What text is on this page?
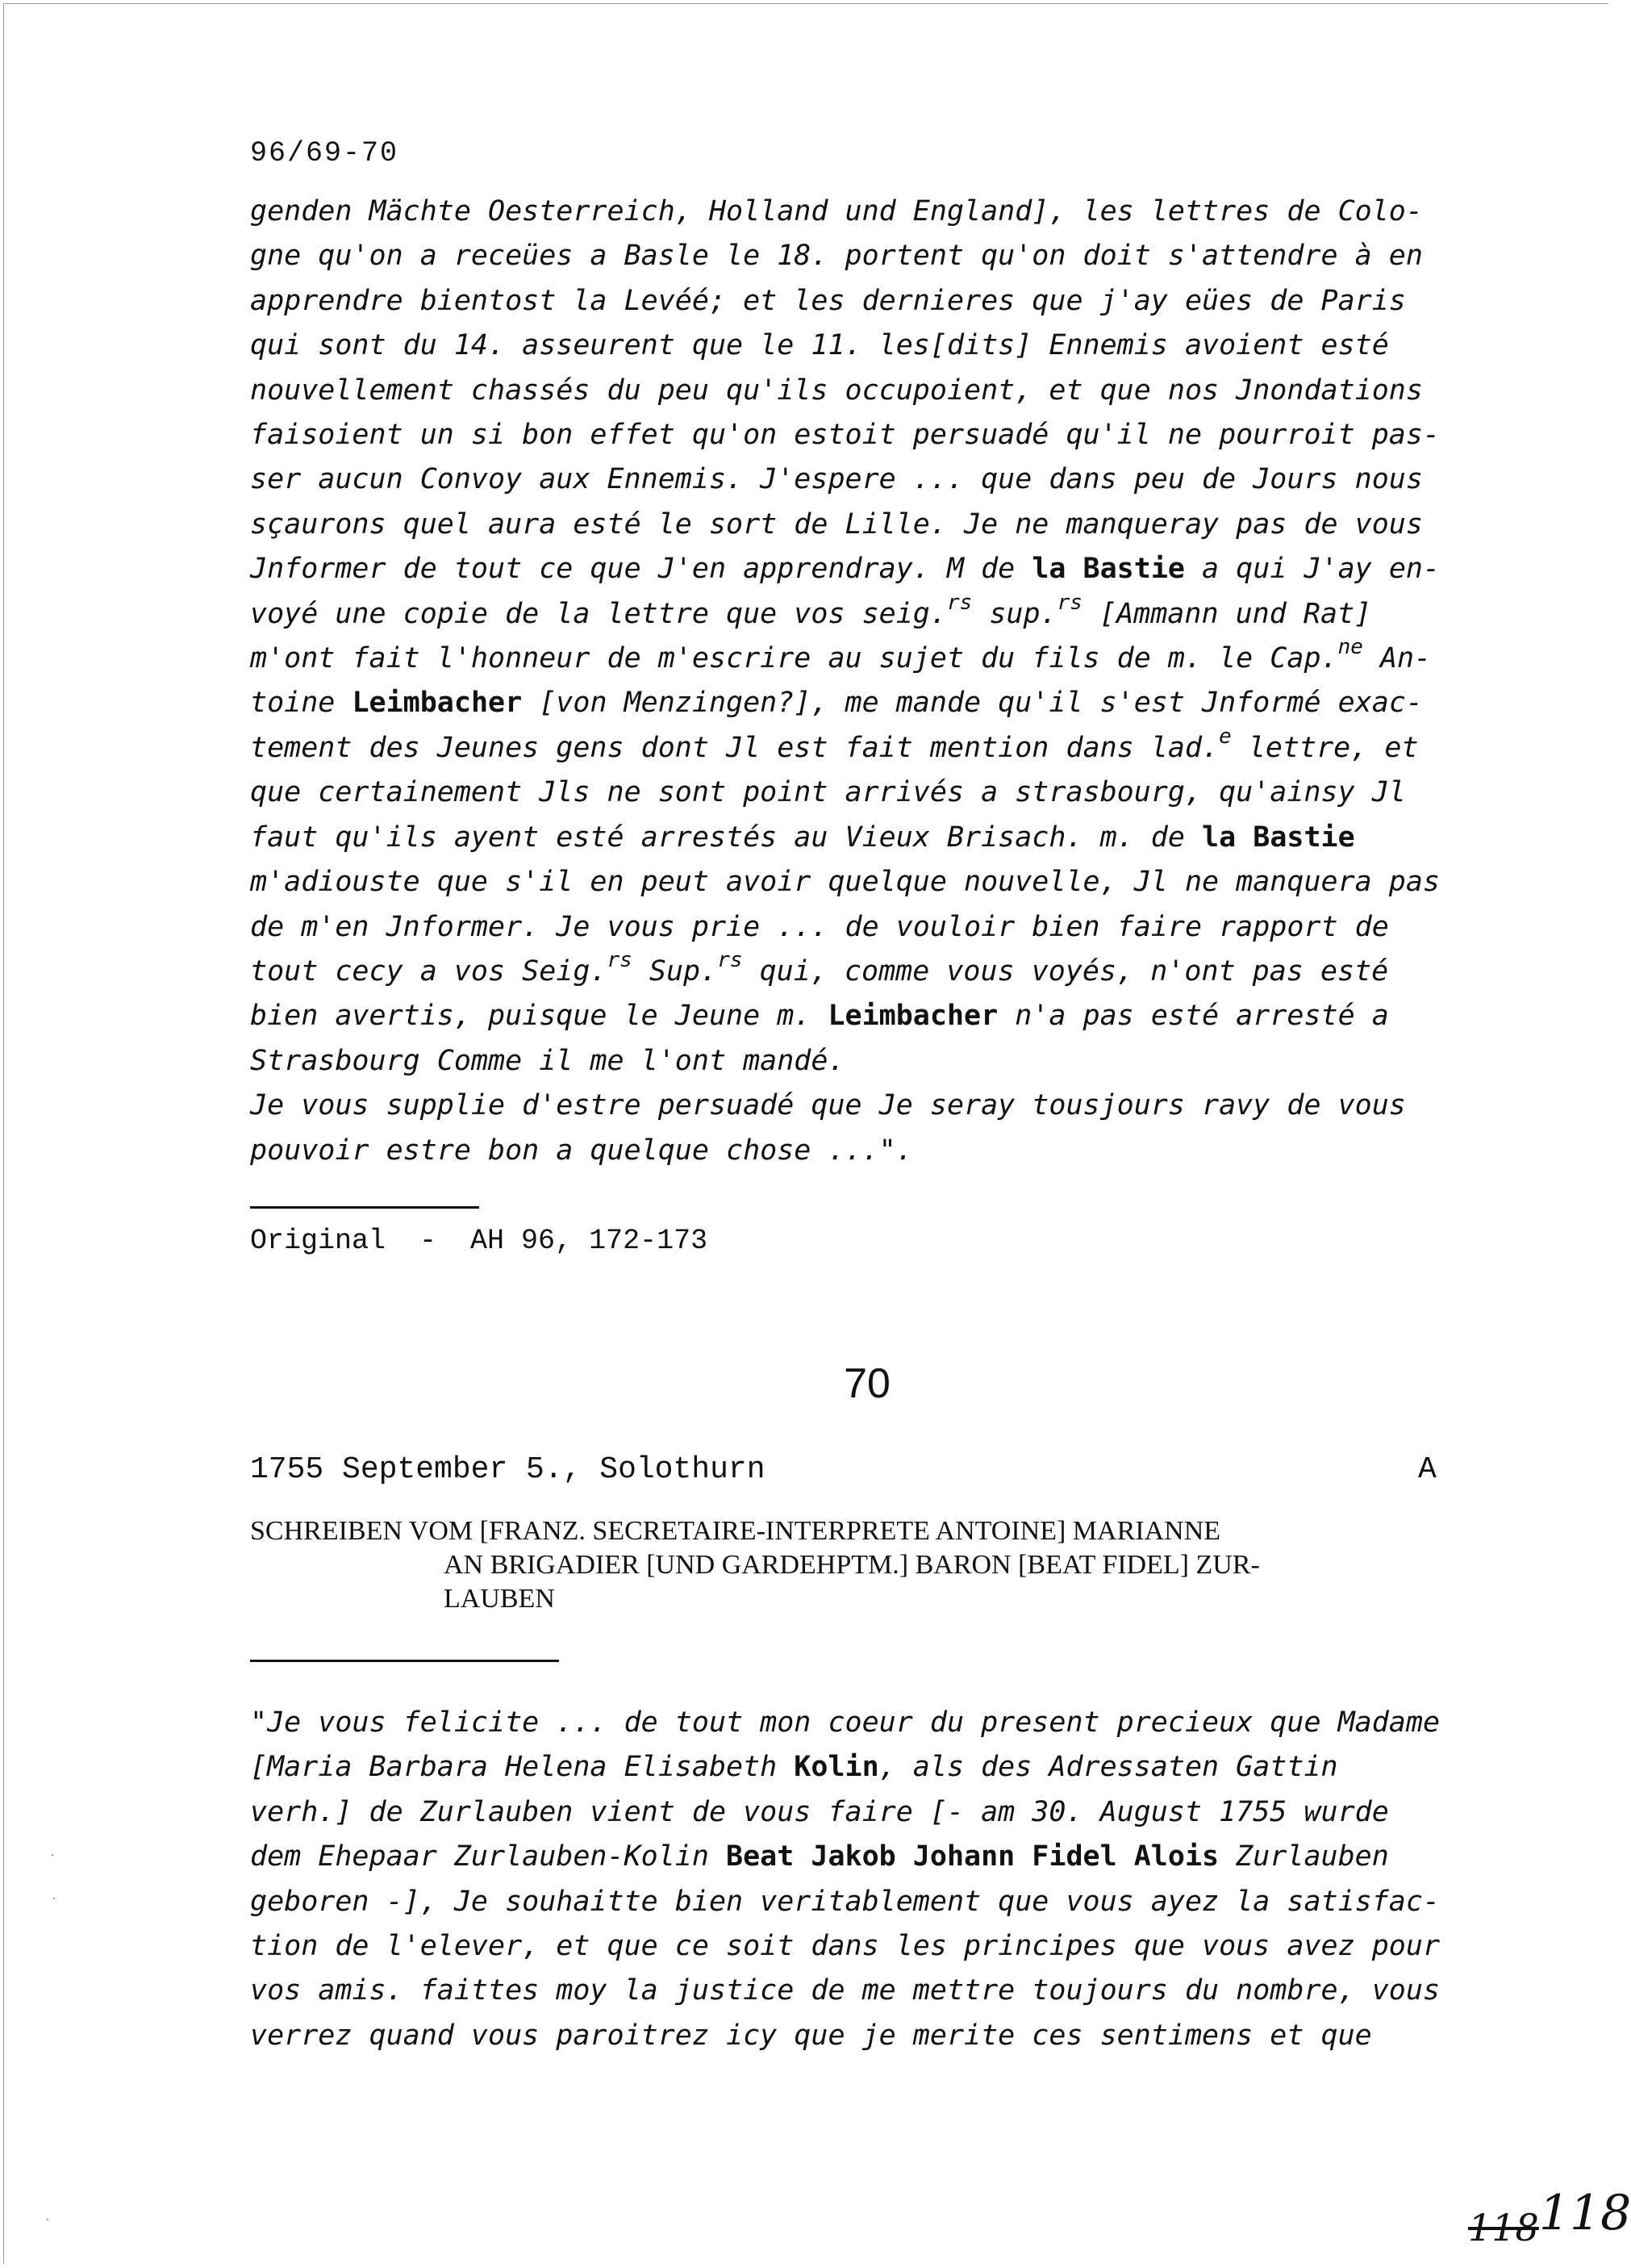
96/69-70
genden Mächte Oesterreich, Holland und England], les lettres de Colo-
gne qu'on a receües a Basle le 18. portent qu'on doit s'attendre à en
apprendre bientost la Levéé; et les dernieres que j'ay eües de Paris
qui sont du 14. asseurent que le 11. les[dits] Ennemis avoient esté
nouvellement chassés du peu qu'ils occupoient, et que nos Jnondations
faisoient un si bon effet qu'on estoit persuadé qu'il ne pourroit pas-
ser aucun Convoy aux Ennemis. J'espere ... que dans peu de Jours nous
sçaurons quel aura esté le sort de Lille. Je ne manqueray pas de vous
Jnformer de tout ce que J'en apprendray. M de la Bastie a qui J'ay en-
voyé une copie de la lettre que vos seig.$^{rs}$ sup.$^{rs}$ [Ammann und Rat]
m'ont fait l'honneur de m'escrire au sujet du fils de m. le Cap.$^{ne}$ An-
toine Leimbacher [von Menzingen?], me mande qu'il s'est Jnformé exac-
tement des Jeunes gens dont Jl est fait mention dans lad.$^e$ lettre, et
que certainement Jls ne sont point arrivés a strasbourg, qu'ainsy Jl
faut qu'ils ayent esté arrestés au Vieux Brisach. m. de la Bastie
m'adiouste que s'il en peut avoir quelque nouvelle, Jl ne manquera pas
de m'en Jnformer. Je vous prie ... de vouloir bien faire rapport de
tout cecy a vos Seig.$^{rs}$ Sup.$^{rs}$ qui, comme vous voyés, n'ont pas esté
bien avertis, puisque le Jeune m. Leimbacher n'a pas esté arresté a
Strasbourg Comme il me l'ont mandé.
Je vous supplie d'estre persuadé que Je seray tousjours ravy de vous
pouvoir estre bon a quelque chose ...".
Original  -  AH 96, 172-173
70
1755 September 5., Solothurn	A
SCHREIBEN VOM [FRANZ. SECRETAIRE-INTERPRETE ANTOINE] MARIANNE
AN BRIGADIER [UND GARDEHPTM.] BARON [BEAT FIDEL] ZUR-
LAUBEN
"Je vous felicite ... de tout mon coeur du present precieux que Madame
[Maria Barbara Helena Elisabeth Kolin, als des Adressaten Gattin
verh.] de Zurlauben vient de vous faire [- am 30. August 1755 wurde
dem Ehepaar Zurlauben-Kolin Beat Jakob Johann Fidel Alois Zurlauben
geboren -], Je souhaitte bien veritablement que vous ayez la satisfac-
tion de l'elever, et que ce soit dans les principes que vous avez pour
vos amis. faittes moy la justice de me mettre toujours du nombre, vous
verrez quand vous paroitrez icy que je merite ces sentimens et que
$_{118}$118
